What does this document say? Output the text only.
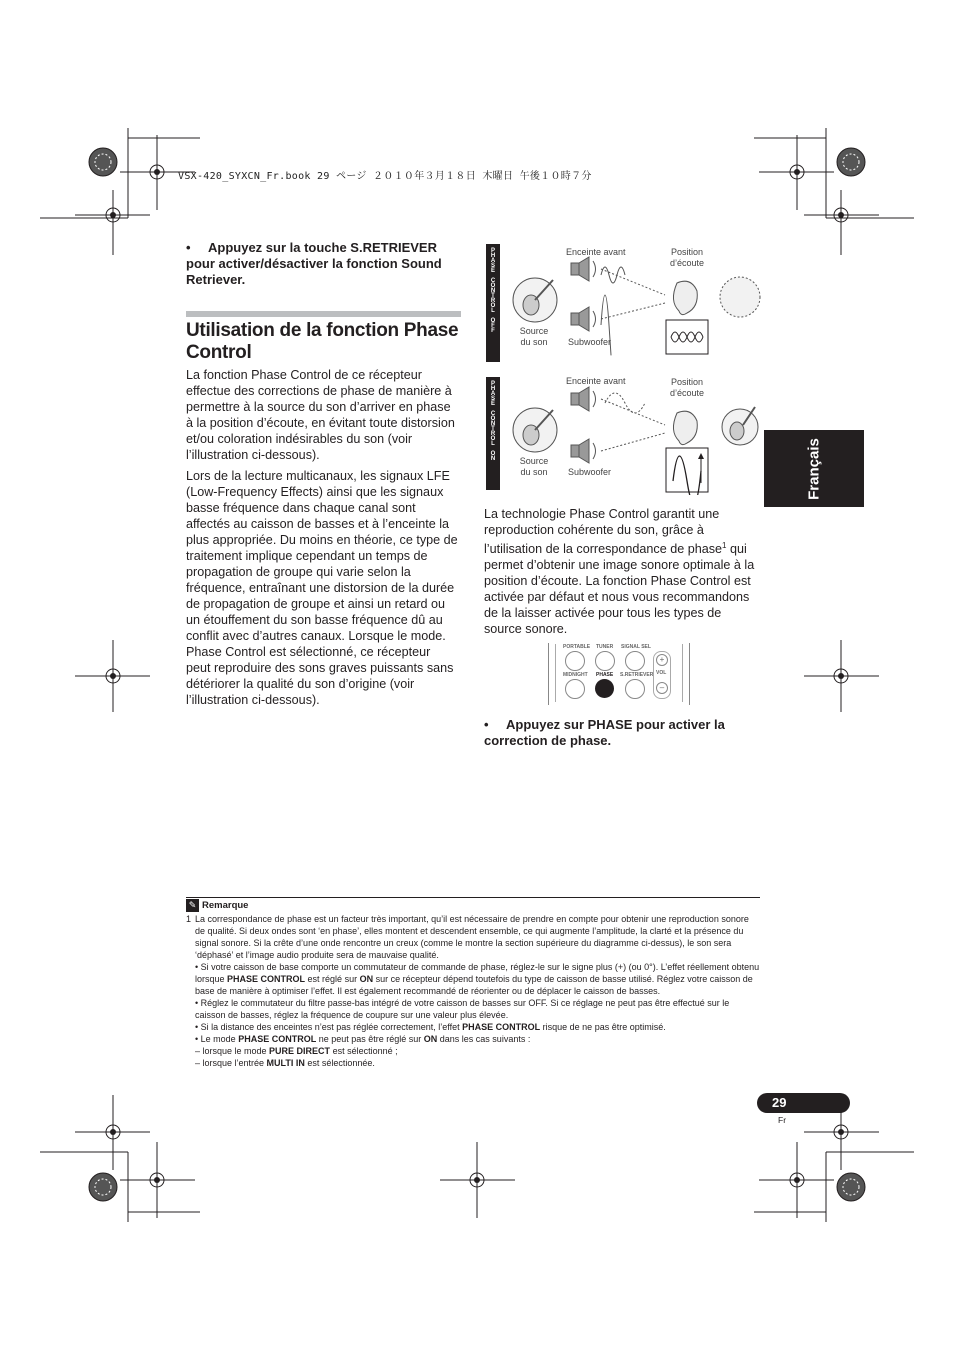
VSX-420_SYXCN_Fr.book 29 ページ ２０１０年３月１８日 木曜日 午後１０時７分
• Appuyez sur la touche S.RETRIEVER pour activer/désactiver la fonction Sound Retriever.
Utilisation de la fonction Phase Control
La fonction Phase Control de ce récepteur effectue des corrections de phase de manière à permettre à la source du son d’arriver en phase à la position d’écoute, en évitant toute distorsion et/ou coloration indésirables du son (voir l’illustration ci-dessous).
Lors de la lecture multicanaux, les signaux LFE (Low-Frequency Effects) ainsi que les signaux basse fréquence dans chaque canal sont affectés au caisson de basses et à l’enceinte la plus appropriée. Du moins en théorie, ce type de traitement implique cependant un temps de propagation de groupe qui varie selon la fréquence, entraînant une distorsion de la durée de propagation de groupe et ainsi un retard ou un étouffement du son basse fréquence dû au conflit avec d’autres canaux. Lorsque le mode. Phase Control est sélectionné, ce récepteur peut reproduire des sons graves puissants sans détériorer la qualité du son d’origine (voir l’illustration ci-dessous).
PHASE CONTROL OFF	Enceinte avant	Position d’écoute
Source du son	Subwoofer
PHASE CONTROL ON	Enceinte avant	Position d’écoute
Source du son	Subwoofer
La technologie Phase Control garantit une reproduction cohérente du son, grâce à l’utilisation de la correspondance de phase$^1$ qui permet d’obtenir une image sonore optimale à la position d’écoute. La fonction Phase Control est activée par défaut et nous vous recommandons de la laisser activée pour tous les types de source sonore.
PORTABLE TUNER SIGNAL SEL
MIDNIGHT PHASE S.RETRIEVER
+
VOL
–
• Appuyez sur PHASE pour activer la correction de phase.
Français
✎ Remarque
1 La correspondance de phase est un facteur très important, qu’il est nécessaire de prendre en compte pour obtenir une reproduction sonore de qualité. Si deux ondes sont ‘en phase’, elles montent et descendent ensemble, ce qui augmente l’amplitude, la clarté et la présence du signal sonore. Si la crête d’une onde rencontre un creux (comme le montre la section supérieure du diagramme ci-dessus), le son sera ‘déphasé’ et l’image audio produite sera de mauvaise qualité.
• Si votre caisson de base comporte un commutateur de commande de phase, réglez-le sur le signe plus (+) (ou 0°). L’effet réellement obtenu lorsque PHASE CONTROL est réglé sur ON sur ce récepteur dépend toutefois du type de caisson de basse utilisé. Réglez votre caisson de base de manière à optimiser l’effet. Il est également recommandé de réorienter ou de déplacer le caisson de basses.
• Réglez le commutateur du filtre passe-bas intégré de votre caisson de basses sur OFF. Si ce réglage ne peut pas être effectué sur le caisson de basses, réglez la fréquence de coupure sur une valeur plus élevée.
• Si la distance des enceintes n’est pas réglée correctement, l’effet PHASE CONTROL risque de ne pas être optimisé.
• Le mode PHASE CONTROL ne peut pas être réglé sur ON dans les cas suivants :
– lorsque le mode PURE DIRECT est sélectionné ;
– lorsque l’entrée MULTI IN est sélectionnée.
29
Fr
